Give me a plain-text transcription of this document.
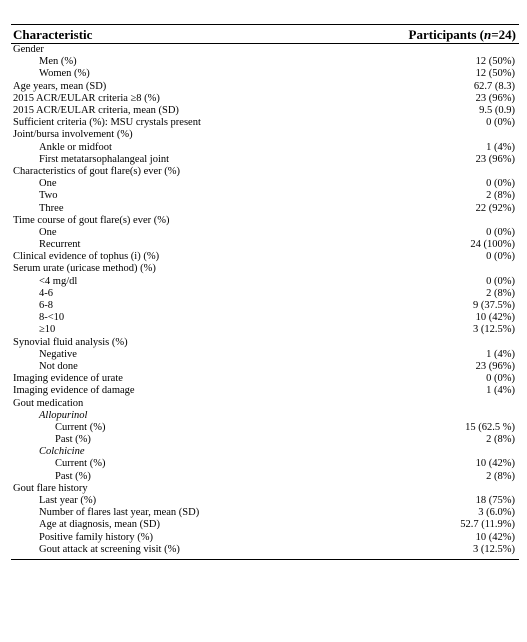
Characteristic	Participants (n=24)
Gender
Men (%)	12 (50%)
Women (%)	12 (50%)
Age years, mean (SD)	62.7 (8.3)
2015 ACR/EULAR criteria ≥8 (%)	23 (96%)
2015 ACR/EULAR criteria, mean (SD)	9.5 (0.9)
Sufficient criteria (%): MSU crystals present	0 (0%)
Joint/bursa involvement (%)
Ankle or midfoot	1 (4%)
First metatarsophalangeal joint	23 (96%)
Characteristics of gout flare(s) ever (%)
One	0 (0%)
Two	2 (8%)
Three	22 (92%)
Time course of gout flare(s) ever (%)
One	0 (0%)
Recurrent	24 (100%)
Clinical evidence of tophus (i) (%)	0 (0%)
Serum urate (uricase method) (%)
<4 mg/dl	0 (0%)
4-6	2 (8%)
6-8	9 (37.5%)
8-<10	10 (42%)
≥10	3 (12.5%)
Synovial fluid analysis (%)
Negative	1 (4%)
Not done	23 (96%)
Imaging evidence of urate	0 (0%)
Imaging evidence of damage	1 (4%)
Gout medication
Allopurinol
Current (%)	15 (62.5 %)
Past (%)	2 (8%)
Colchicine
Current (%)	10 (42%)
Past (%)	2 (8%)
Gout flare history
Last year (%)	18 (75%)
Number of flares last year, mean (SD)	3 (6.0%)
Age at diagnosis, mean (SD)	52.7 (11.9%)
Positive family history (%)	10 (42%)
Gout attack at screening visit (%)	3 (12.5%)
